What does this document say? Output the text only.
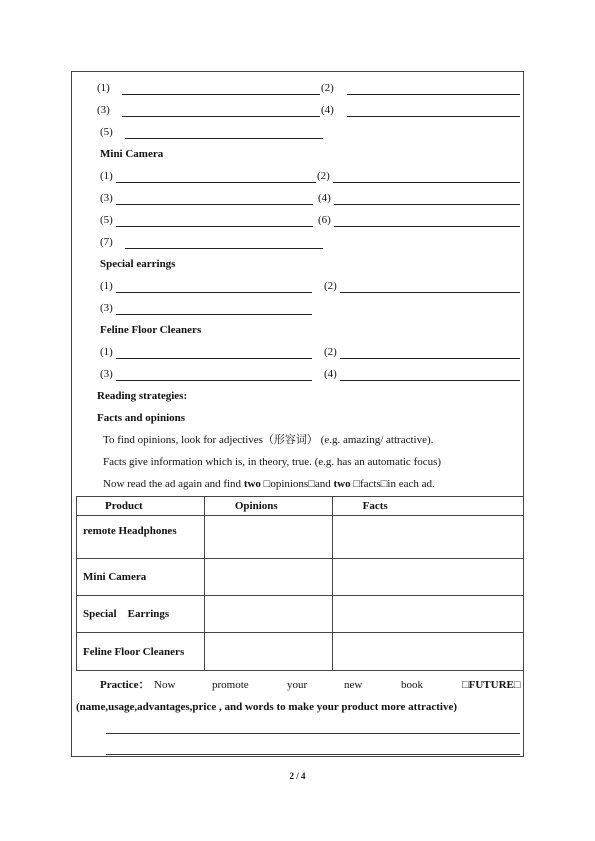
(1)	(2)
(3)	(4)
(5)
Mini Camera
(1)	(2)
(3)	(4)
(5)	(6)
(7)
Special earrings
(1)	(2)
(3)
Feline Floor Cleaners
(1)	(2)
(3)	(4)
Reading strategies:
Facts and opinions
To find opinions, look for adjectives（形容词） (e.g. amazing/ attractive).
Facts give information which is, in theory, true. (e.g. has an automatic focus)
Now read the ad again and find two □opinions□and two □facts□in each ad.
Product	Opinions	Facts
remote Headphones		
Mini Camera		
Special    Earrings		
Feline Floor Cleaners		
Practice： Now	promote	your	new	book	□FUTURE□
(name,usage,advantages,price , and words to make your product more attractive)
2 / 4
